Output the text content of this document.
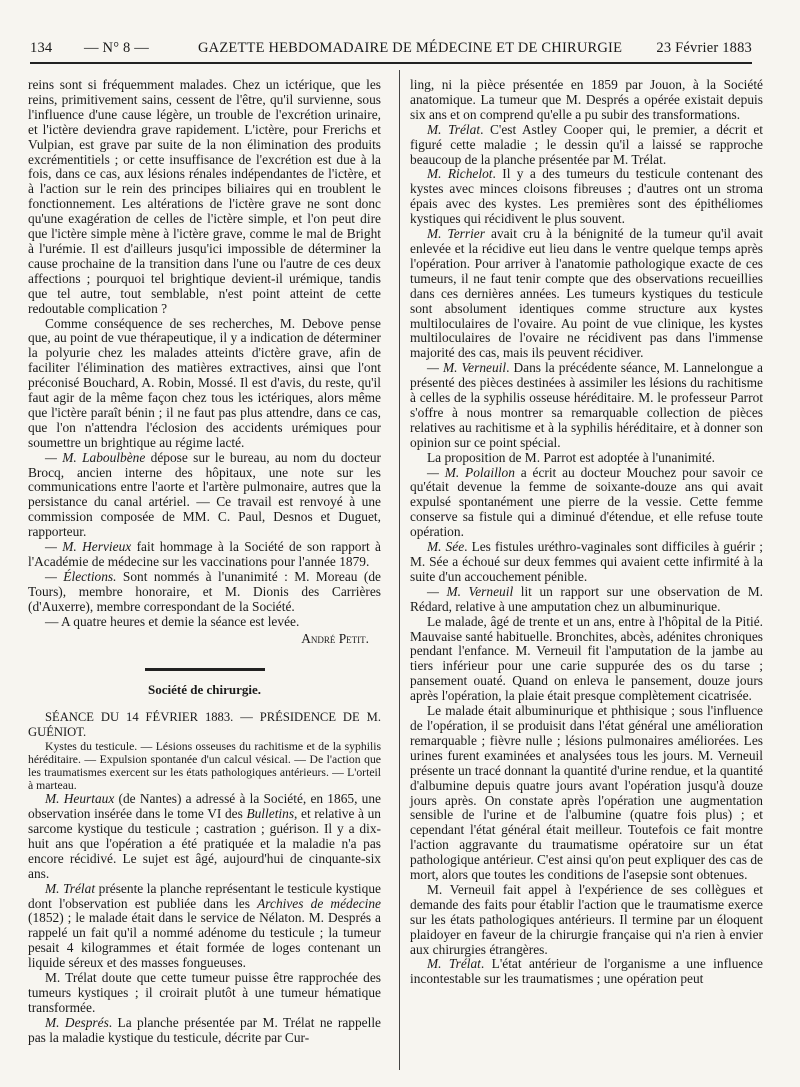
134 — N° 8 —	GAZETTE HEBDOMADAIRE DE MÉDECINE ET DE CHIRURGIE 23 Février 1883

reins sont si fréquemment malades. Chez un ictérique, que les reins, primitivement sains, cessent de l'être, qu'il survienne, sous l'influence d'une cause légère, un trouble de l'excrétion urinaire, et l'ictère deviendra grave rapidement. L'ictère, pour Frerichs et Vulpian, est grave par suite de la non élimination des produits excrémentitiels ; or cette insuffisance de l'excrétion est due à la fois, dans ce cas, aux lésions rénales indépendantes de l'ictère, et à l'action sur le rein des principes biliaires qui en troublent le fonctionnement. Les altérations de l'ictère grave ne sont donc qu'une exagération de celles de l'ictère simple, et l'on peut dire que l'ictère simple mène à l'ictère grave, comme le mal de Bright à l'urémie. Il est d'ailleurs jusqu'ici impossible de déterminer la cause prochaine de la transition dans l'une ou l'autre de ces deux affections ; pourquoi tel brightique devient-il urémique, tandis que tel autre, tout semblable, n'est point atteint de cette redoutable complication ?

Comme conséquence de ses recherches, M. Debove pense que, au point de vue thérapeutique, il y a indication de déterminer la polyurie chez les malades atteints d'ictère grave, afin de faciliter l'élimination des matières extractives, ainsi que l'ont préconisé Bouchard, A. Robin, Mossé. Il est d'avis, du reste, qu'il faut agir de la même façon chez tous les ictériques, alors même que l'ictère paraît bénin ; il ne faut pas plus attendre, dans ce cas, que l'on n'attendra l'éclosion des accidents urémiques pour soumettre un brightique au régime lacté.

— M. Laboulbène dépose sur le bureau, au nom du docteur Brocq, ancien interne des hôpitaux, une note sur les communications entre l'aorte et l'artère pulmonaire, autres que la persistance du canal artériel. — Ce travail est renvoyé à une commission composée de MM. C. Paul, Desnos et Duguet, rapporteur.

— M. Hervieux fait hommage à la Société de son rapport à l'Académie de médecine sur les vaccinations pour l'année 1879.

— Élections. Sont nommés à l'unanimité : M. Moreau (de Tours), membre honoraire, et M. Dionis des Carrières (d'Auxerre), membre correspondant de la Société.

— A quatre heures et demie la séance est levée.

André Petit.
Société de chirurgie.

SÉANCE DU 14 FÉVRIER 1883. — PRÉSIDENCE DE M. GUÉNIOT.

Kystes du testicule. — Lésions osseuses du rachitisme et de la syphilis héréditaire. — Expulsion spontanée d'un calcul vésical. — De l'action que les traumatismes exercent sur les états pathologiques antérieurs. — L'orteil à marteau.

M. Heurtaux (de Nantes) a adressé à la Société, en 1865, une observation insérée dans le tome VI des Bulletins, et relative à un sarcome kystique du testicule ; castration ; guérison. Il y a dix-huit ans que l'opération a été pratiquée et la maladie n'a pas encore récidivé. Le sujet est âgé, aujourd'hui de cinquante-six ans.

M. Trélat présente la planche représentant le testicule kystique dont l'observation est publiée dans les Archives de médecine (1852) ; le malade était dans le service de Nélaton. M. Després a rappelé un fait qu'il a nommé adénome du testicule ; la tumeur pesait 4 kilogrammes et était formée de loges contenant un liquide séreux et des masses fongueuses.

M. Trélat doute que cette tumeur puisse être rapprochée des tumeurs kystiques ; il croirait plutôt à une tumeur hématique transformée.

M. Després. La planche présentée par M. Trélat ne rappelle pas la maladie kystique du testicule, décrite par Cur-

ling, ni la pièce présentée en 1859 par Jouon, à la Société anatomique. La tumeur que M. Després a opérée existait depuis six ans et on comprend qu'elle a pu subir des transformations.

M. Trélat. C'est Astley Cooper qui, le premier, a décrit et figuré cette maladie ; le dessin qu'il a laissé se rapproche beaucoup de la planche présentée par M. Trélat.

M. Richelot. Il y a des tumeurs du testicule contenant des kystes avec minces cloisons fibreuses ; d'autres ont un stroma épais avec des kystes. Les premières sont des épithéliomes kystiques qui récidivent le plus souvent.

M. Terrier avait cru à la bénignité de la tumeur qu'il avait enlevée et la récidive eut lieu dans le ventre quelque temps après l'opération. Pour arriver à l'anatomie pathologique exacte de ces tumeurs, il ne faut tenir compte que des observations recueillies dans ces dernières années. Les tumeurs kystiques du testicule sont absolument identiques comme structure aux kystes multiloculaires de l'ovaire. Au point de vue clinique, les kystes multiloculaires de l'ovaire ne récidivent pas dans l'immense majorité des cas, mais ils peuvent récidiver.

— M. Verneuil. Dans la précédente séance, M. Lannelongue a présenté des pièces destinées à assimiler les lésions du rachitisme à celles de la syphilis osseuse héréditaire. M. le professeur Parrot s'offre à nous montrer sa remarquable collection de pièces relatives au rachitisme et à la syphilis héréditaire, et à donner son opinion sur ce point spécial.

La proposition de M. Parrot est adoptée à l'unanimité.

— M. Polaillon a écrit au docteur Mouchez pour savoir ce qu'était devenue la femme de soixante-douze ans qui avait expulsé spontanément une pierre de la vessie. Cette femme conserve sa fistule qui a diminué d'étendue, et elle refuse toute opération.

M. Sée. Les fistules uréthro-vaginales sont difficiles à guérir ; M. Sée a échoué sur deux femmes qui avaient cette infirmité à la suite d'un accouchement pénible.

— M. Verneuil lit un rapport sur une observation de M. Rédard, relative à une amputation chez un albuminurique.

Le malade, âgé de trente et un ans, entre à l'hôpital de la Pitié. Mauvaise santé habituelle. Bronchites, abcès, adénites chroniques pendant l'enfance. M. Verneuil fit l'amputation de la jambe au tiers inférieur pour une carie suppurée des os du tarse ; pansement ouaté. Quand on enleva le pansement, douze jours après l'opération, la plaie était presque complètement cicatrisée.

Le malade était albuminurique et phthisique ; sous l'influence de l'opération, il se produisit dans l'état général une amélioration remarquable ; fièvre nulle ; lésions pulmonaires améliorées. Les urines furent examinées et analysées tous les jours. M. Verneuil présente un tracé donnant la quantité d'urine rendue, et la quantité d'albumine depuis quatre jours avant l'opération jusqu'à douze jours après. On constate après l'opération une augmentation sensible de l'urine et de l'albumine (quatre fois plus) ; et cependant l'état général était meilleur. Toutefois ce fait montre l'action aggravante du traumatisme opératoire sur un état pathologique antérieur. C'est ainsi qu'on peut expliquer des cas de mort, alors que toutes les conditions de l'asepsie sont obtenues.

M. Verneuil fait appel à l'expérience de ses collègues et demande des faits pour établir l'action que le traumatisme exerce sur les états pathologiques antérieurs. Il termine par un éloquent plaidoyer en faveur de la chirurgie française qui n'a rien à envier aux chirurgies étrangères.

M. Trélat. L'état antérieur de l'organisme a une influence incontestable sur les traumatismes ; une opération peut
